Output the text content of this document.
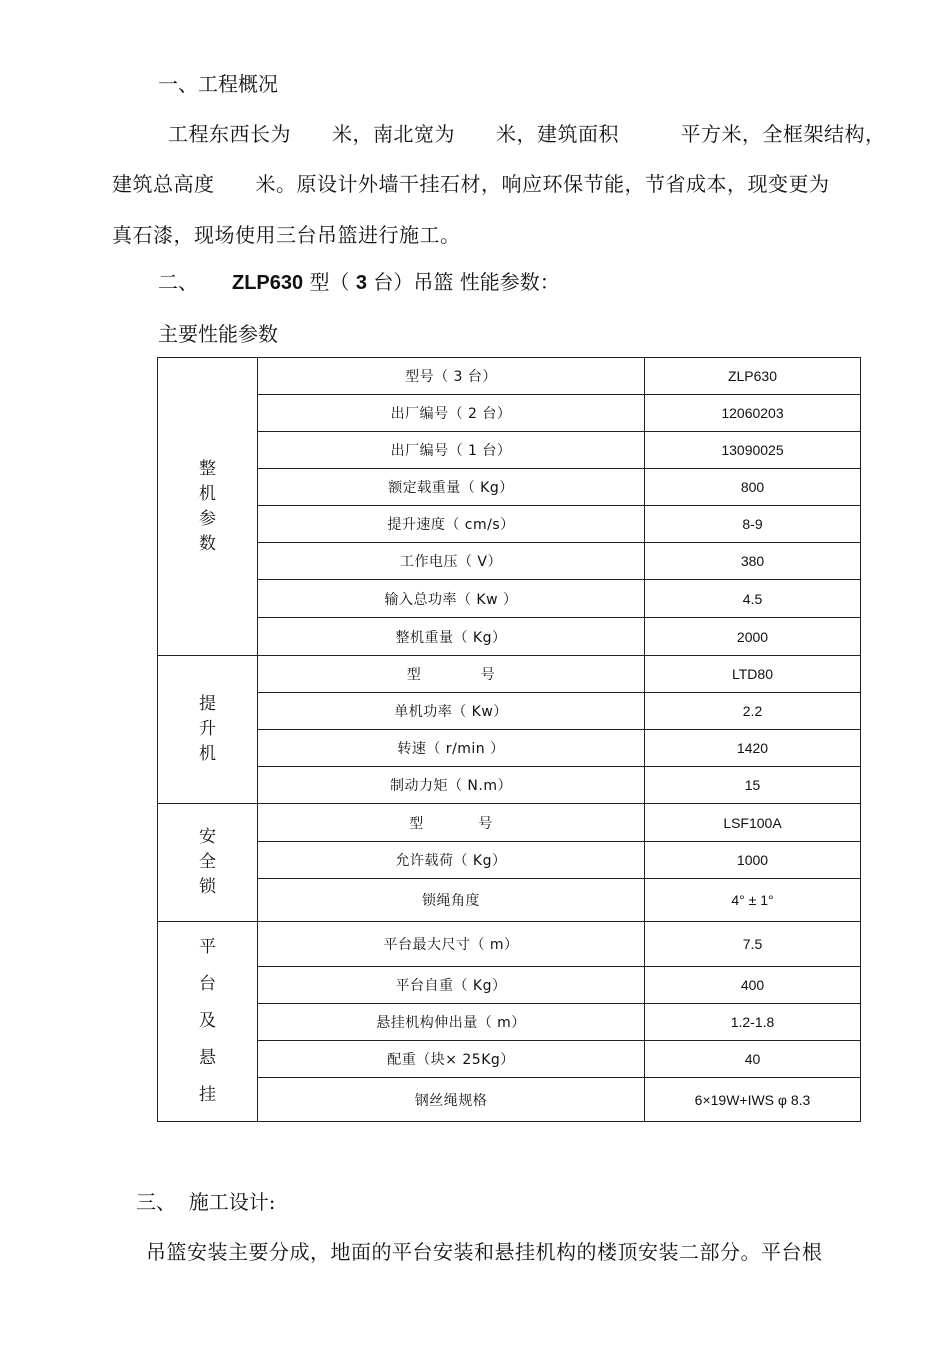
一、工程概况
工程东西长为　　米，南北宽为　　米，建筑面积　　　平方米，全框架结构，
建筑总高度　　米。原设计外墙干挂石材，响应环保节能，节省成本，现变更为
真石漆，现场使用三台吊篮进行施工。
二、 ZLP630 型（ 3 台）吊篮 性能参数：
主要性能参数
整
机
参
数	型号（ 3 台）	ZLP630
	出厂编号（ 2 台）	12060203
	出厂编号（ 1 台）	13090025
	额定载重量（ Kg）	800
	提升速度（ cm/s）	8-9
	工作电压（ V）	380
	输入总功率（ Kw ）	4.5
	整机重量（ Kg）	2000

提
升
机	型            号	LTD80
	单机功率（ Kw）	2.2
	转速（ r/min ）	1420
	制动力矩（ N.m）	15

安
全
锁	型           号	LSF100A
	允许载荷（ Kg）	1000
	锁绳角度	4° ± 1°

平
台
及
悬
挂	平台最大尺寸（ m）	7.5
	平台自重（ Kg）	400
	悬挂机构伸出量（ m）	1.2-1.8
	配重（块× 25Kg）	40
	钢丝绳规格	6×19W+IWS φ 8.3
三、  施工设计:
吊篮安装主要分成，地面的平台安装和悬挂机构的楼顶安装二部分。平台根
